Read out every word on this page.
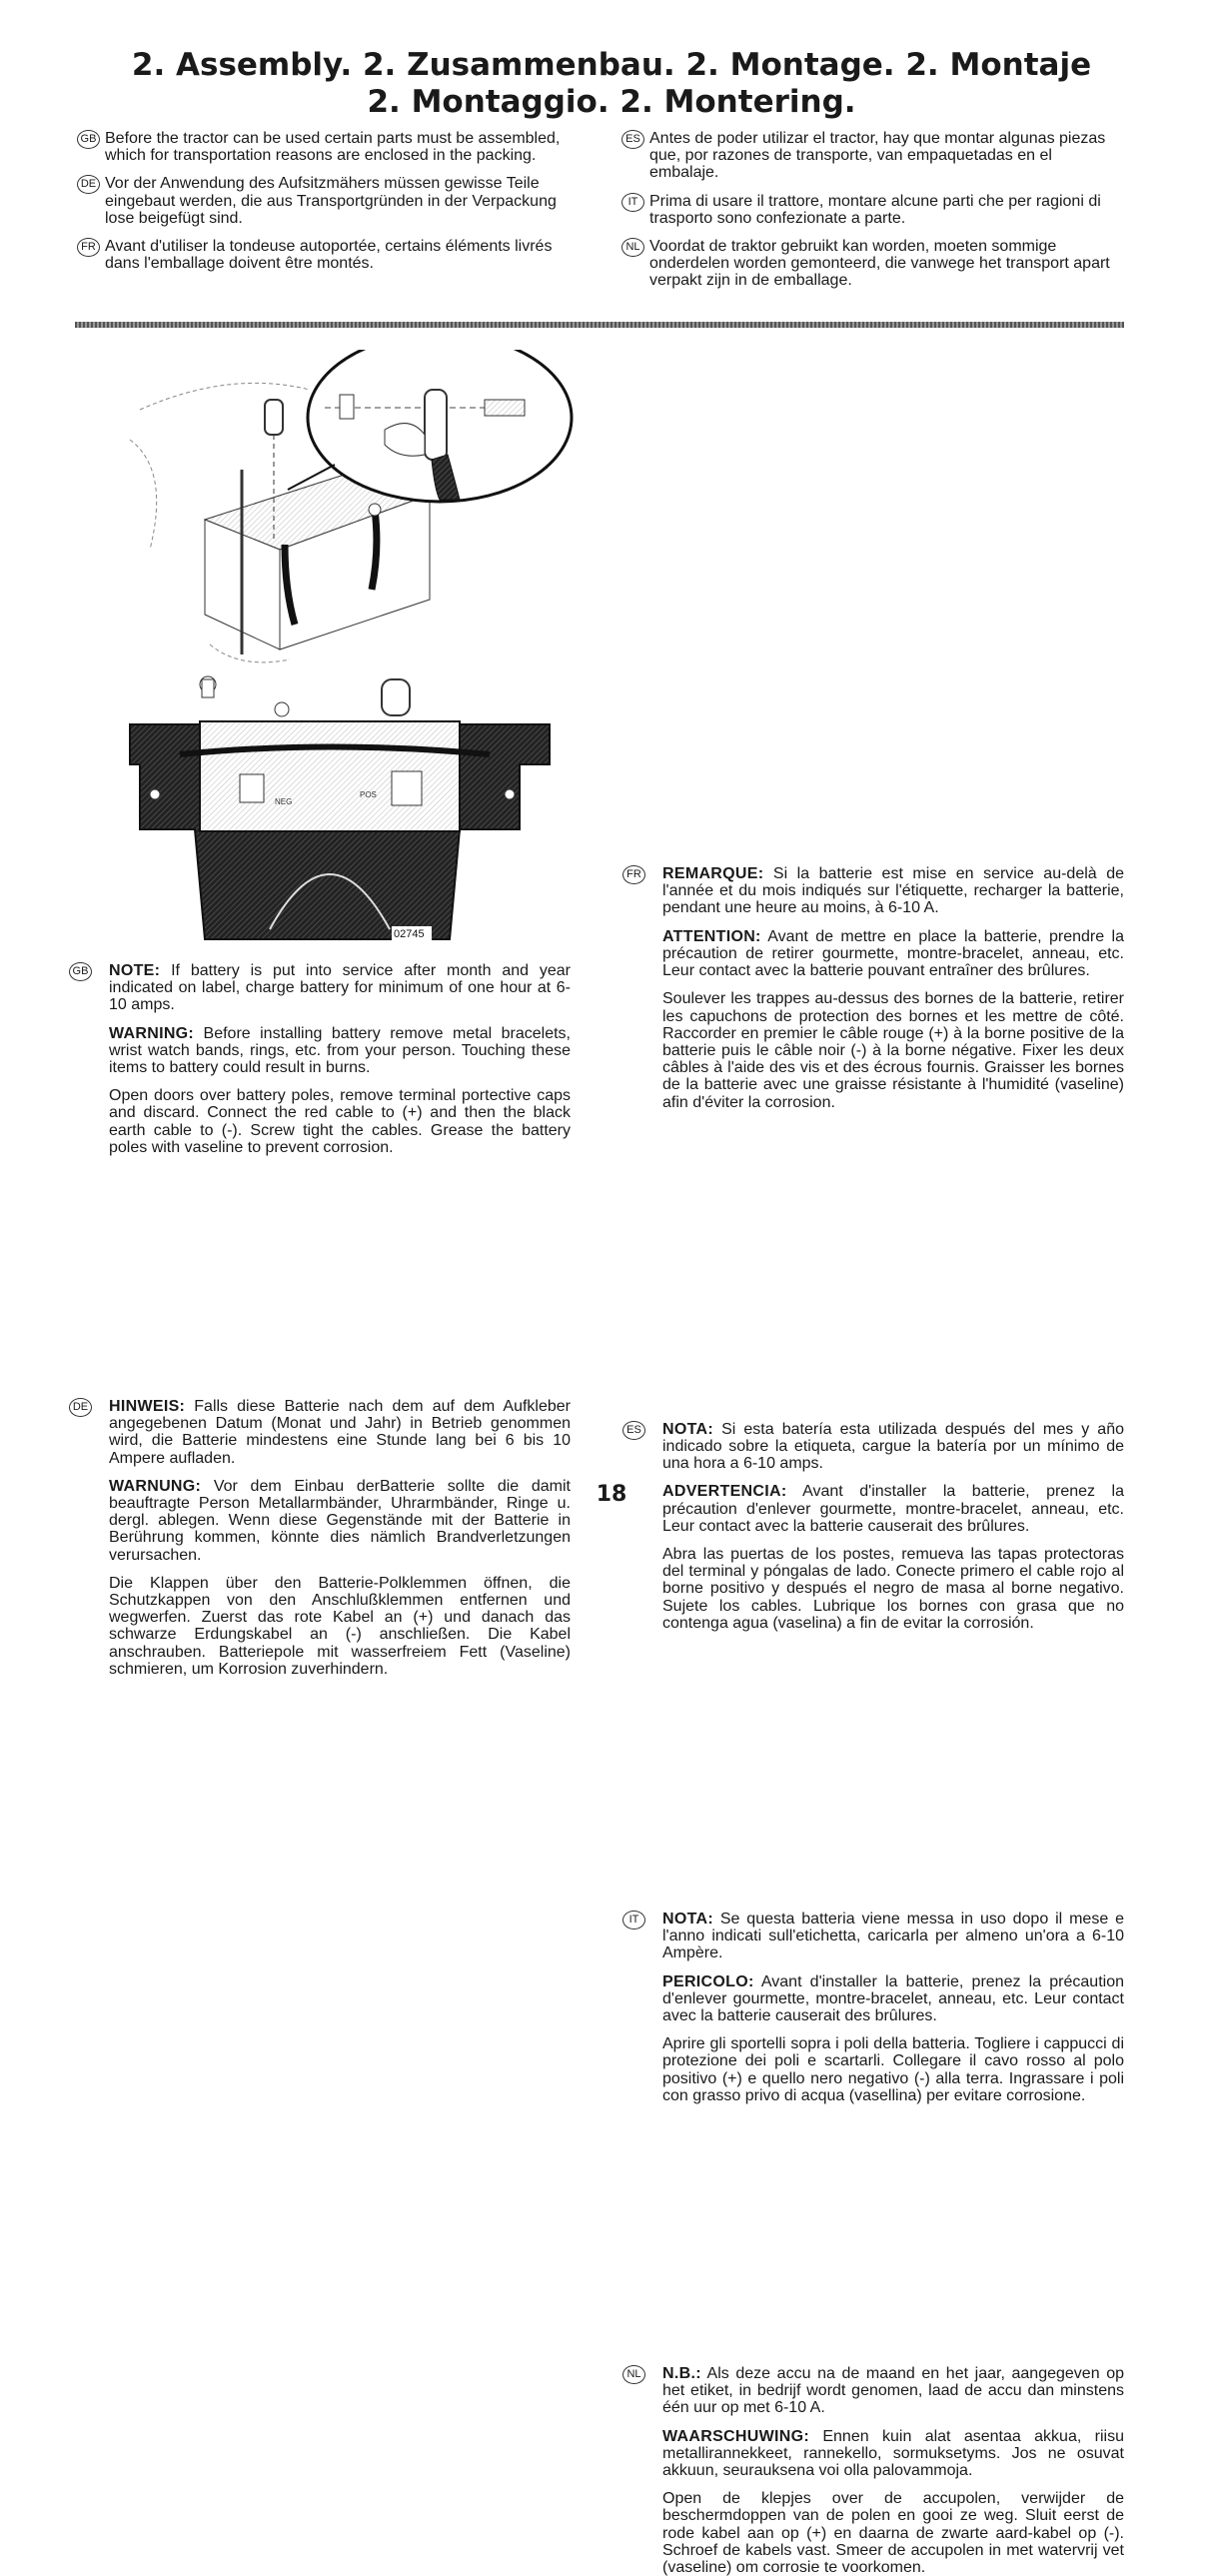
2. Assembly. 2. Zusammenbau. 2. Montage. 2. Montaje
2. Montaggio. 2. Montering.
GB Before the tractor can be used certain parts must be assembled, which for transportation reasons are enclosed in the packing.
DE Vor der Anwendung des Aufsitzmähers müssen gewisse Teile eingebaut werden, die aus Transportgründen in der Verpackung lose beigefügt sind.
FR Avant d'utiliser la tondeuse autoportée, certains éléments livrés dans l'emballage doivent être montés.
ES Antes de poder utilizar el tractor, hay que montar algunas piezas que, por razones de transporte, van empaquetadas en el embalaje.
IT Prima di usare il trattore, montare alcune parti che per ragioni di trasporto sono confezionate a parte.
NL Voordat de traktor gebruikt kan worden, moeten sommige onderdelen worden gemonteerd, die vanwege het transport apart verpakt zijn in de emballage.
NEG
POS
02745
GB NOTE: If battery is put into service after month and year indicated on label, charge battery for minimum of one hour at 6-10 amps.

WARNING: Before installing battery remove metal bracelets, wrist watch bands, rings, etc. from your person. Touching these items to battery could result in burns.

Open doors over battery poles, remove terminal portective caps and discard. Connect the red cable to (+) and then the black earth cable to (-). Screw tight the cables. Grease the battery poles with vaseline to prevent corrosion.

DE HINWEIS: Falls diese Batterie nach dem auf dem Aufkleber angegebenen Datum (Monat und Jahr) in Betrieb genommen wird, die Batterie mindestens eine Stunde lang bei 6 bis 10 Ampere aufladen.

WARNUNG: Vor dem Einbau derBatterie sollte die damit beauftragte Person Metallarmbänder, Uhrarmbänder, Ringe u. dergl. ablegen. Wenn diese Gegenstände mit der Batterie in Berührung kommen, könnte dies nämlich Brandverletzungen verursachen.

Die Klappen über den Batterie-Polklemmen öffnen, die Schutzkappen von den Anschlußklemmen entfernen und wegwerfen. Zuerst das rote Kabel an (+) und danach das schwarze Erdungskabel an (-) anschließen. Die Kabel anschrauben. Batteriepole mit wasserfreiem Fett (Vaseline) schmieren, um Korrosion zuverhindern.

FR REMARQUE: Si la batterie est mise en service au-delà de l'année et du mois indiqués sur l'étiquette, recharger la batterie, pendant une heure au moins, à 6-10 A.

ATTENTION: Avant de mettre en place la batterie, prendre la précaution de retirer gourmette, montre-bracelet, anneau, etc. Leur contact avec la batterie pouvant entraîner des brûlures.

Soulever les trappes au-dessus des bornes de la batterie, retirer les capuchons de protection des bornes et les mettre de côté. Raccorder en premier le câble rouge (+) à la borne positive de la batterie puis le câble noir (-) à la borne négative. Fixer les deux câbles à l'aide des vis et des écrous fournis. Graisser les bornes de la batterie avec une graisse résistante à l'humidité (vaseline) afin d'éviter la corrosion.

ES NOTA: Si esta batería esta utilizada después del mes y año indicado sobre la etiqueta, cargue la batería por un mínimo de una hora a 6-10 amps.

ADVERTENCIA: Avant d'installer la batterie, prenez la précaution d'enlever gourmette, montre-bracelet, anneau, etc. Leur contact avec la batterie causerait des brûlures.

Abra las puertas de los postes, remueva las tapas protectoras del terminal y póngalas de lado. Conecte primero el cable rojo al borne positivo y después el negro de masa al borne negativo. Sujete los cables. Lubrique los bornes con grasa que no contenga agua (vaselina) a fin de evitar la corrosión.

IT	NOTA: Se questa batteria viene messa in uso dopo il mese e l'anno indicati sull'etichetta, caricarla per almeno un'ora a 6-10 Ampère.

PERICOLO: Avant d'installer la batterie, prenez la précaution d'enlever gourmette, montre-bracelet, anneau, etc. Leur contact avec la batterie causerait des brûlures.

Aprire gli sportelli sopra i poli della batteria. Togliere i cappucci di protezione dei poli e scartarli. Collegare il cavo rosso al polo positivo (+) e quello nero negativo (-) alla terra. Ingrassare i poli con grasso privo di acqua (vasellina) per evitare corrosione.

NL N.B.: Als deze accu na de maand en het jaar, aangegeven op het etiket, in bedrijf wordt genomen, laad de accu dan minstens één uur op met 6-10 A.

WAARSCHUWING: Ennen kuin alat asentaa akkua, riisu metallirannekkeet, rannekello, sormuksetyms. Jos ne osuvat akkuun, seurauksena voi olla palovammoja.

Open de klepjes over de accupolen, verwijder de beschermdoppen van de polen en gooi ze weg. Sluit eerst de rode kabel aan op (+) en daarna de zwarte aard-kabel op (-). Schroef de kabels vast. Smeer de accupolen in met watervrij vet (vaseline) om corrosie te voorkomen.

18
